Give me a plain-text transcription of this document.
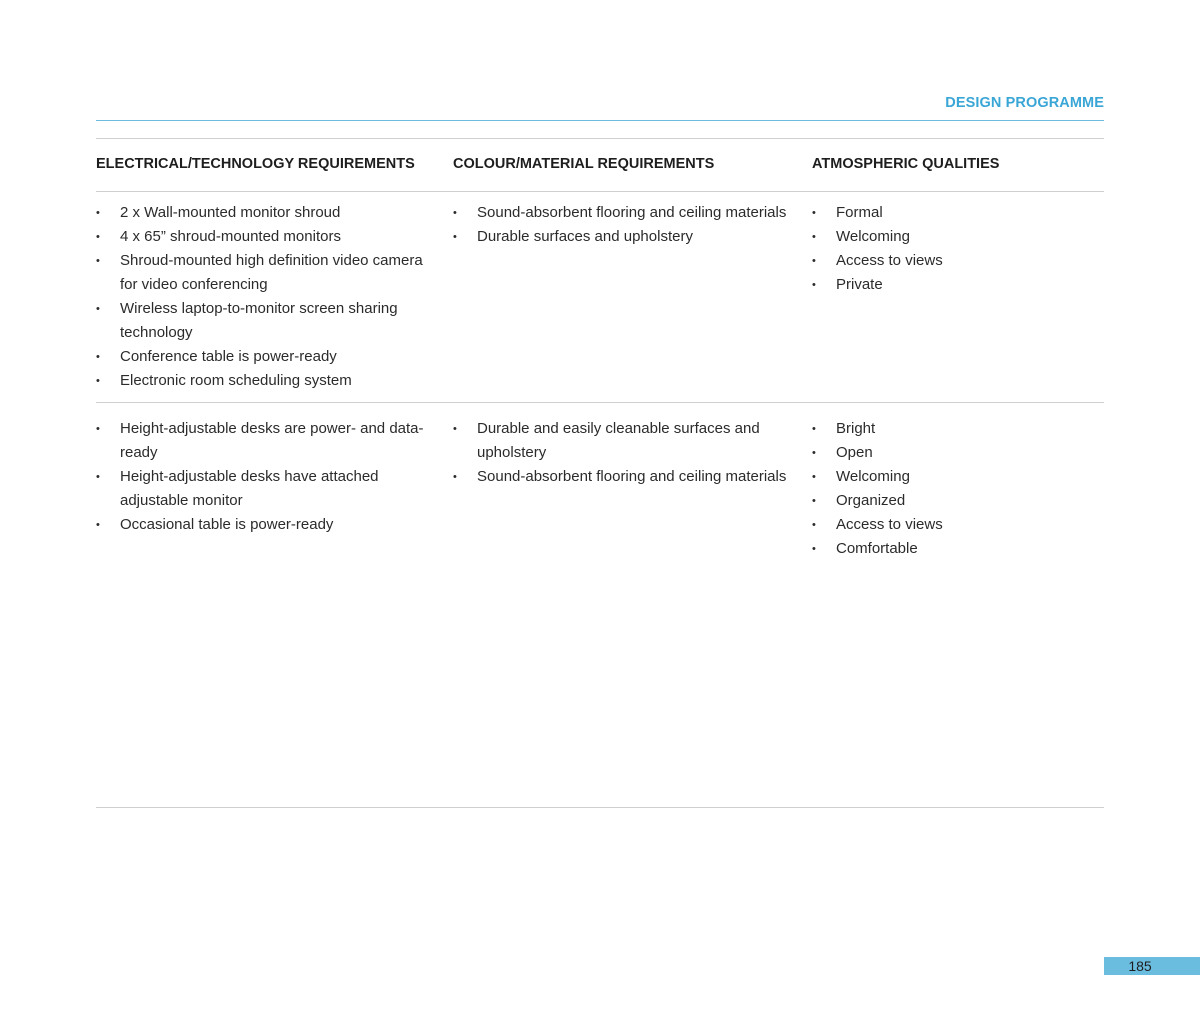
DESIGN PROGRAMME
ELECTRICAL/TECHNOLOGY REQUIREMENTS	COLOUR/MATERIAL REQUIREMENTS	ATMOSPHERIC QUALITIES
• 2 x Wall-mounted monitor shroud
• 4 x 65” shroud-mounted monitors
• Shroud-mounted high definition video camera for video conferencing
• Wireless laptop-to-monitor screen sharing technology
• Conference table is power-ready
• Electronic room scheduling system
• Sound-absorbent flooring and ceiling materials
• Durable surfaces and upholstery
• Formal
• Welcoming
• Access to views
• Private
• Height-adjustable desks are power- and data-ready
• Height-adjustable desks have attached adjustable monitor
• Occasional table is power-ready
• Durable and easily cleanable surfaces and upholstery
• Sound-absorbent flooring and ceiling materials
• Bright
• Open
• Welcoming
• Organized
• Access to views
• Comfortable
185
